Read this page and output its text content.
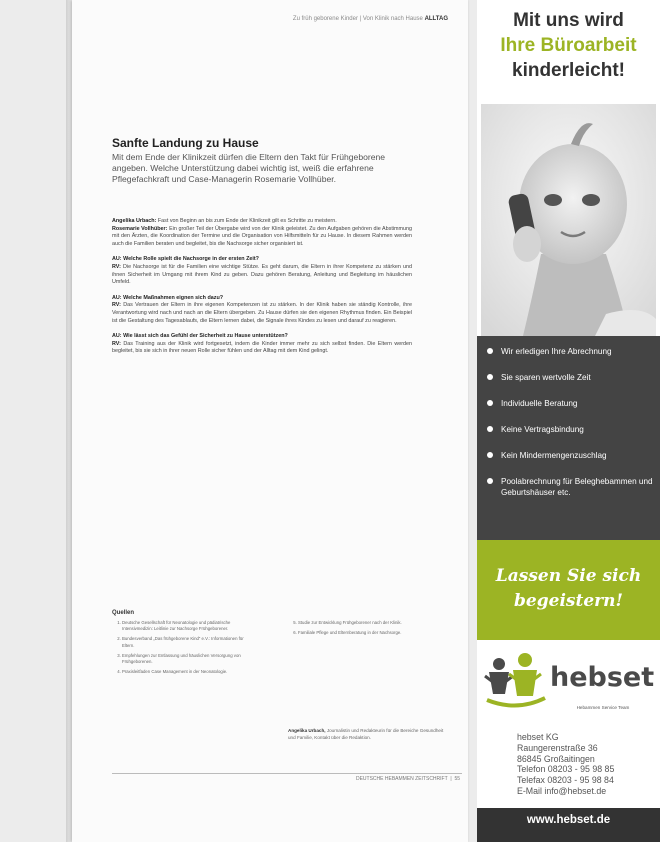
Zu früh geborene Kinder | Von Klinik nach Hause ALLTAG
Sanfte Landung zu Hause
Mit dem Ende der Klinikzeit dürfen die Eltern den Takt für Frühgeborene angeben. Welche Unterstützung dabei wichtig ist, weiß die erfahrene Pflegefachkraft und Case-Managerin Rosemarie Vollhüber.

Angelika Urbach: Fast von Beginn an bis zum Ende der Klinikzeit gilt es Schritte zu meistern.
Rosemarie Vollhüber: Ein großer Teil der Übergabe wird von der Klinik geleistet. Zu den Aufgaben gehören die Abstimmung mit den Ärzten, die Koordination der Termine und die Organisation von Hilfsmitteln für zu Hause. In diesem Rahmen werden auch die Familien beraten und begleitet, bis die Nachsorge sicher organisiert ist.

AU: Welche Rolle spielt die Nachsorge in der ersten Zeit?
RV: Die Nachsorge ist für die Familien eine wichtige Stütze. Es geht darum, die Eltern in ihrer Kompetenz zu stärken und ihnen Sicherheit im Umgang mit ihrem Kind zu geben. Dazu gehören Beratung, Anleitung und Begleitung im häuslichen Umfeld.

AU: Welche Maßnahmen eignen sich dazu?
RV: Das Vertrauen der Eltern in ihre eigenen Kompetenzen ist zu stärken. In der Klinik haben sie ständig Kontrolle, ihre Verantwortung wird nach und nach an die Eltern übergeben. Zu Hause dürfen sie den eigenen Rhythmus finden. Ein Beispiel ist die Gestaltung des Tagesablaufs, die Eltern lernen dabei, die Signale ihres Kindes zu lesen und darauf zu reagieren.

AU: Wie lässt sich das Gefühl der Sicherheit zu Hause unterstützen?
RV: Das Training aus der Klinik wird fortgesetzt, indem die Kinder immer mehr zu sich selbst finden. Die Eltern werden begleitet, bis sie sich in ihrer neuen Rolle sicher fühlen und der Alltag mit dem Kind gelingt.

Quellen
1. Deutsche Gesellschaft für Neonatologie und pädiatrische Intensivmedizin: Leitlinie zur Nachsorge Frühgeborener.
2. Bundesverband „Das frühgeborene Kind“ e.V.: Informationen für Eltern.
3. Empfehlungen zur Entlassung und häuslichen Versorgung von Frühgeborenen.
4. Praxisleitfaden Case Management in der Neonatologie.
5. Studie zur Entwicklung Frühgeborener nach der Klinik.
6. Familiale Pflege und Elternberatung in der Nachsorge.
Angelika Urbach, Journalistin und Redakteurin für die Bereiche Gesundheit und Familie, Kontakt über die Redaktion.
DEUTSCHE HEBAMMEN ZEITSCHRIFT  |  55
Mit uns wird
Ihre Büroarbeit
kinderleicht!
Wir erledigen Ihre Abrechnung
Sie sparen wertvolle Zeit
Individuelle Beratung
Keine Vertragsbindung
Kein Mindermengenzuschlag
Poolabrechnung für Beleghebammen und Geburtshäuser etc.
Lassen Sie sich
begeistern!
hebset
Hebammen Service Team
hebset KG
Raungerenstraße 36
86845 Großaitingen
Telefon 08203 - 95 98 85
Telefax 08203 - 95 98 84
E-Mail info@hebset.de
www.hebset.de
